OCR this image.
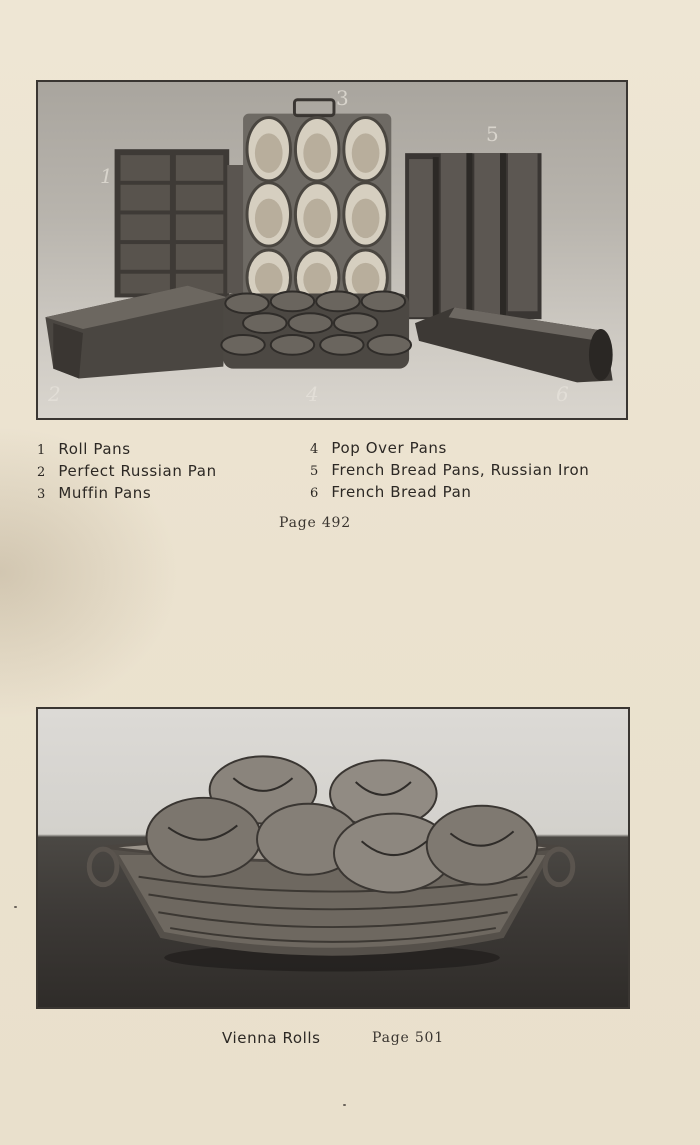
1
2
3
4
5
6
1 Roll Pans
2 Perfect Russian Pan
3 Muffin Pans
4 Pop Over Pans
5 French Bread Pans, Russian Iron
6 French Bread Pan
Page 492
Vienna Rolls	Page 501
